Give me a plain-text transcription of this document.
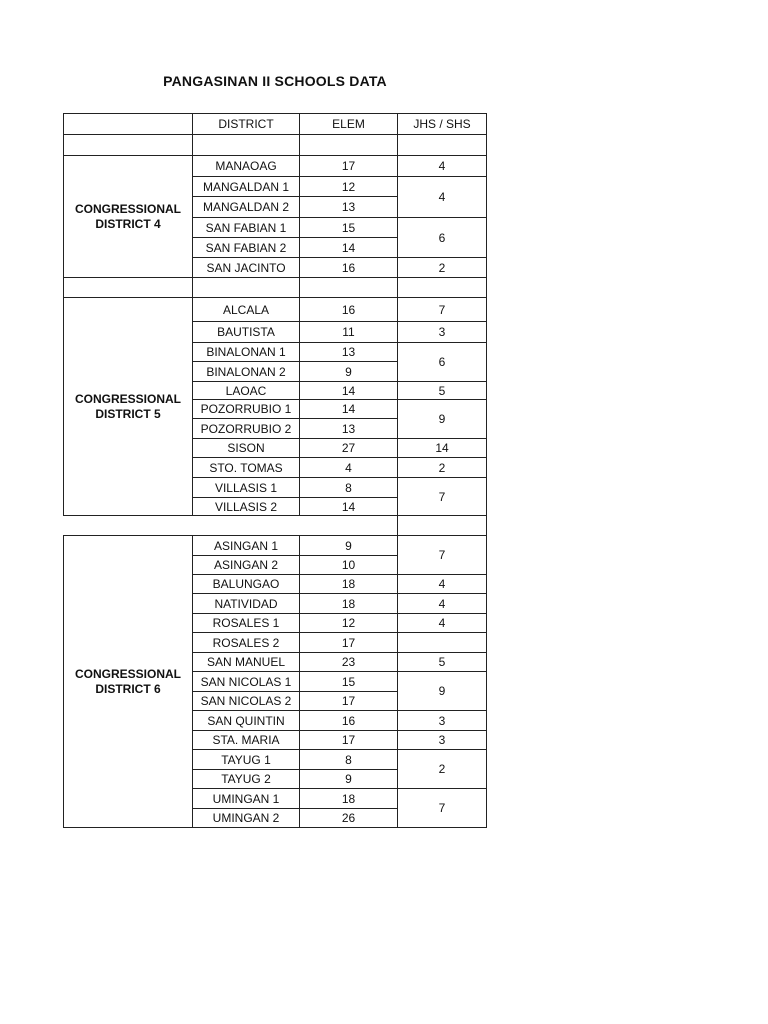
PANGASINAN II SCHOOLS DATA
	DISTRICT	ELEM	JHS / SHS

CONGRESSIONAL DISTRICT 4	MANAOAG	17	4
	MANGALDAN 1	12	4
	MANGALDAN 2	13	
	SAN FABIAN 1	15	6
	SAN FABIAN 2	14	
	SAN JACINTO	16	2

CONGRESSIONAL DISTRICT 5	ALCALA	16	7
	BAUTISTA	11	3
	BINALONAN 1	13	6
	BINALONAN 2	9	
	LAOAC	14	5
	POZORRUBIO 1	14	9
	POZORRUBIO 2	13	
	SISON	27	14
	STO. TOMAS	4	2
	VILLASIS 1	8	7
	VILLASIS 2	14	

CONGRESSIONAL DISTRICT 6	ASINGAN 1	9	7
	ASINGAN 2	10	
	BALUNGAO	18	4
	NATIVIDAD	18	4
	ROSALES 1	12	4
	ROSALES 2	17	
	SAN MANUEL	23	5
	SAN NICOLAS 1	15	9
	SAN NICOLAS 2	17	
	SAN QUINTIN	16	3
	STA. MARIA	17	3
	TAYUG 1	8	2
	TAYUG 2	9	
	UMINGAN 1	18	7
	UMINGAN 2	26	
